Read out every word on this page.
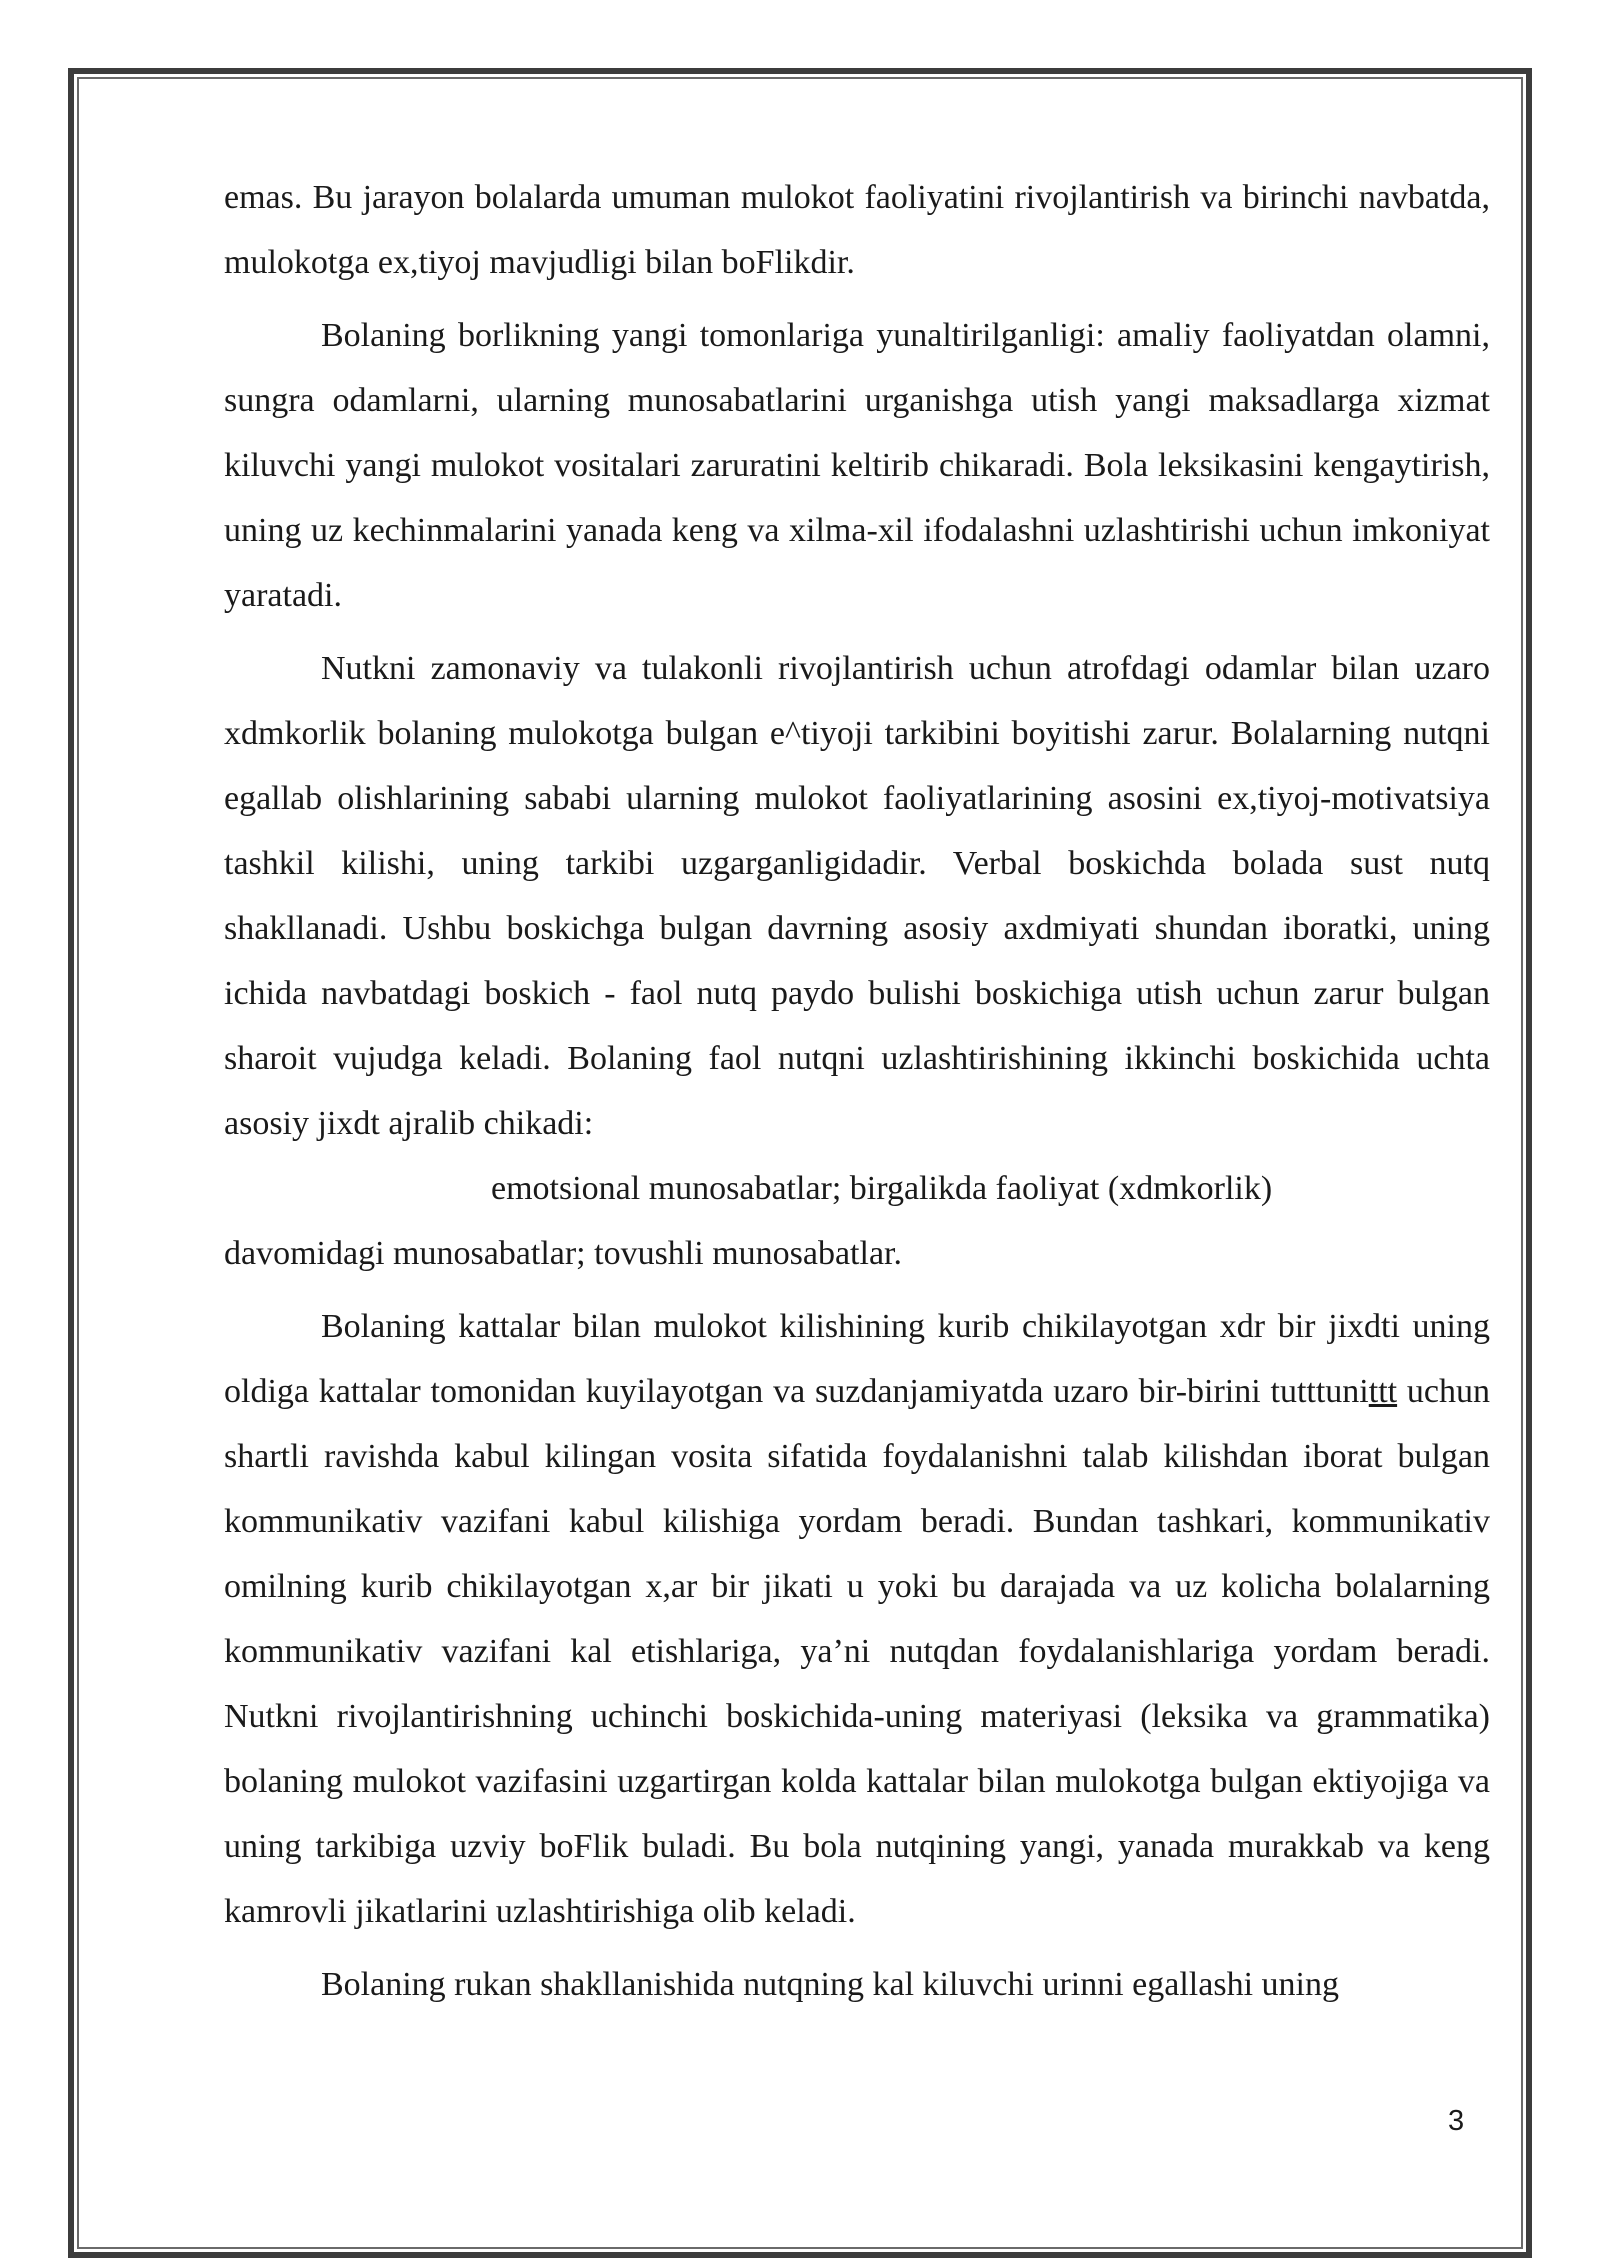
emas. Bu jarayon bolalarda umuman mulokot faoliyatini rivojlantirish va birinchi navbatda, mulokotga ex,tiyoj mavjudligi bilan boFlikdir.

Bolaning borlikning yangi tomonlariga yunaltirilganligi: amaliy faoliyatdan olamni, sungra odamlarni, ularning munosabatlarini urganishga utish yangi maksadlarga xizmat kiluvchi yangi mulokot vositalari zaruratini keltirib chikaradi. Bola leksikasini kengaytirish, uning uz kechinmalarini yanada keng va xilma-xil ifodalashni uzlashtirishi uchun imkoniyat yaratadi.

Nutkni zamonaviy va tulakonli rivojlantirish uchun atrofdagi odamlar bilan uzaro xdmkorlik bolaning mulokotga bulgan e^tiyoji tarkibini boyitishi zarur. Bolalarning nutqni egallab olishlarining sababi ularning mulokot faoliyatlarining asosini ex,tiyoj-motivatsiya tashkil kilishi, uning tarkibi uzgarganligidadir. Verbal boskichda bolada sust nutq shakllanadi. Ushbu boskichga bulgan davrning asosiy axdmiyati shundan iboratki, uning ichida navbatdagi boskich - faol nutq paydo bulishi boskichiga utish uchun zarur bulgan sharoit vujudga keladi. Bolaning faol nutqni uzlashtirishining ikkinchi boskichida uchta asosiy jixdt ajralib chikadi:
emotsional munosabatlar; birgalikda faoliyat (xdmkorlik)
davomidagi munosabatlar; tovushli munosabatlar.

Bolaning kattalar bilan mulokot kilishining kurib chikilayotgan xdr bir jixdti uning oldiga kattalar tomonidan kuyilayotgan va suzdanjamiyatda uzaro bir-birini tutttunittt uchun shartli ravishda kabul kilingan vosita sifatida foydalanishni talab kilishdan iborat bulgan kommunikativ vazifani kabul kilishiga yordam beradi. Bundan tashkari, kommunikativ omilning kurib chikilayotgan x,ar bir jikati u yoki bu darajada va uz kolicha bolalarning kommunikativ vazifani kal etishlariga, ya’ni nutqdan foydalanishlariga yordam beradi. Nutkni rivojlantirishning uchinchi boskichida-uning materiyasi (leksika va grammatika) bolaning mulokot vazifasini uzgartirgan kolda kattalar bilan mulokotga bulgan ektiyojiga va uning tarkibiga uzviy boFlik buladi. Bu bola nutqining yangi, yanada murakkab va keng kamrovli jikatlarini uzlashtirishiga olib keladi.

Bolaning rukan shakllanishida nutqning kal kiluvchi urinni egallashi uning

3
